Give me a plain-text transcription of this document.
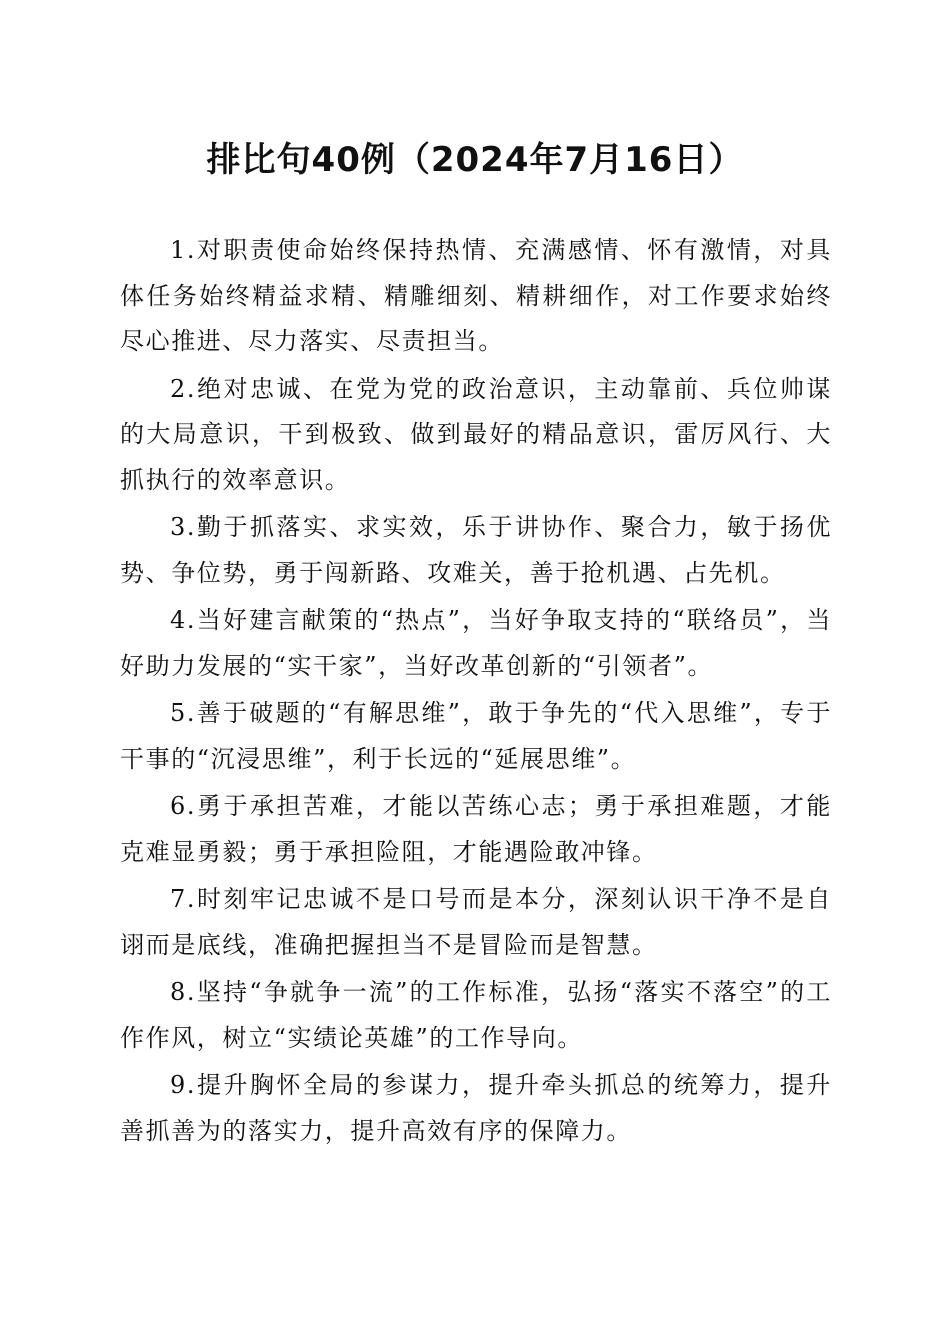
排比句40例（2024年7月16日）

1.对职责使命始终保持热情、充满感情、怀有激情，对具体任务始终精益求精、精雕细刻、精耕细作，对工作要求始终尽心推进、尽力落实、尽责担当。

2.绝对忠诚、在党为党的政治意识，主动靠前、兵位帅谋的大局意识，干到极致、做到最好的精品意识，雷厉风行、大抓执行的效率意识。

3.勤于抓落实、求实效，乐于讲协作、聚合力，敏于扬优势、争位势，勇于闯新路、攻难关，善于抢机遇、占先机。

4.当好建言献策的“热点”，当好争取支持的“联络员”，当好助力发展的“实干家”，当好改革创新的“引领者”。

5.善于破题的“有解思维”，敢于争先的“代入思维”，专于干事的“沉浸思维”，利于长远的“延展思维”。

6.勇于承担苦难，才能以苦练心志；勇于承担难题，才能克难显勇毅；勇于承担险阻，才能遇险敢冲锋。

7.时刻牢记忠诚不是口号而是本分，深刻认识干净不是自诩而是底线，准确把握担当不是冒险而是智慧。

8.坚持“争就争一流”的工作标准，弘扬“落实不落空”的工作作风，树立“实绩论英雄”的工作导向。

9.提升胸怀全局的参谋力，提升牵头抓总的统筹力，提升善抓善为的落实力，提升高效有序的保障力。
